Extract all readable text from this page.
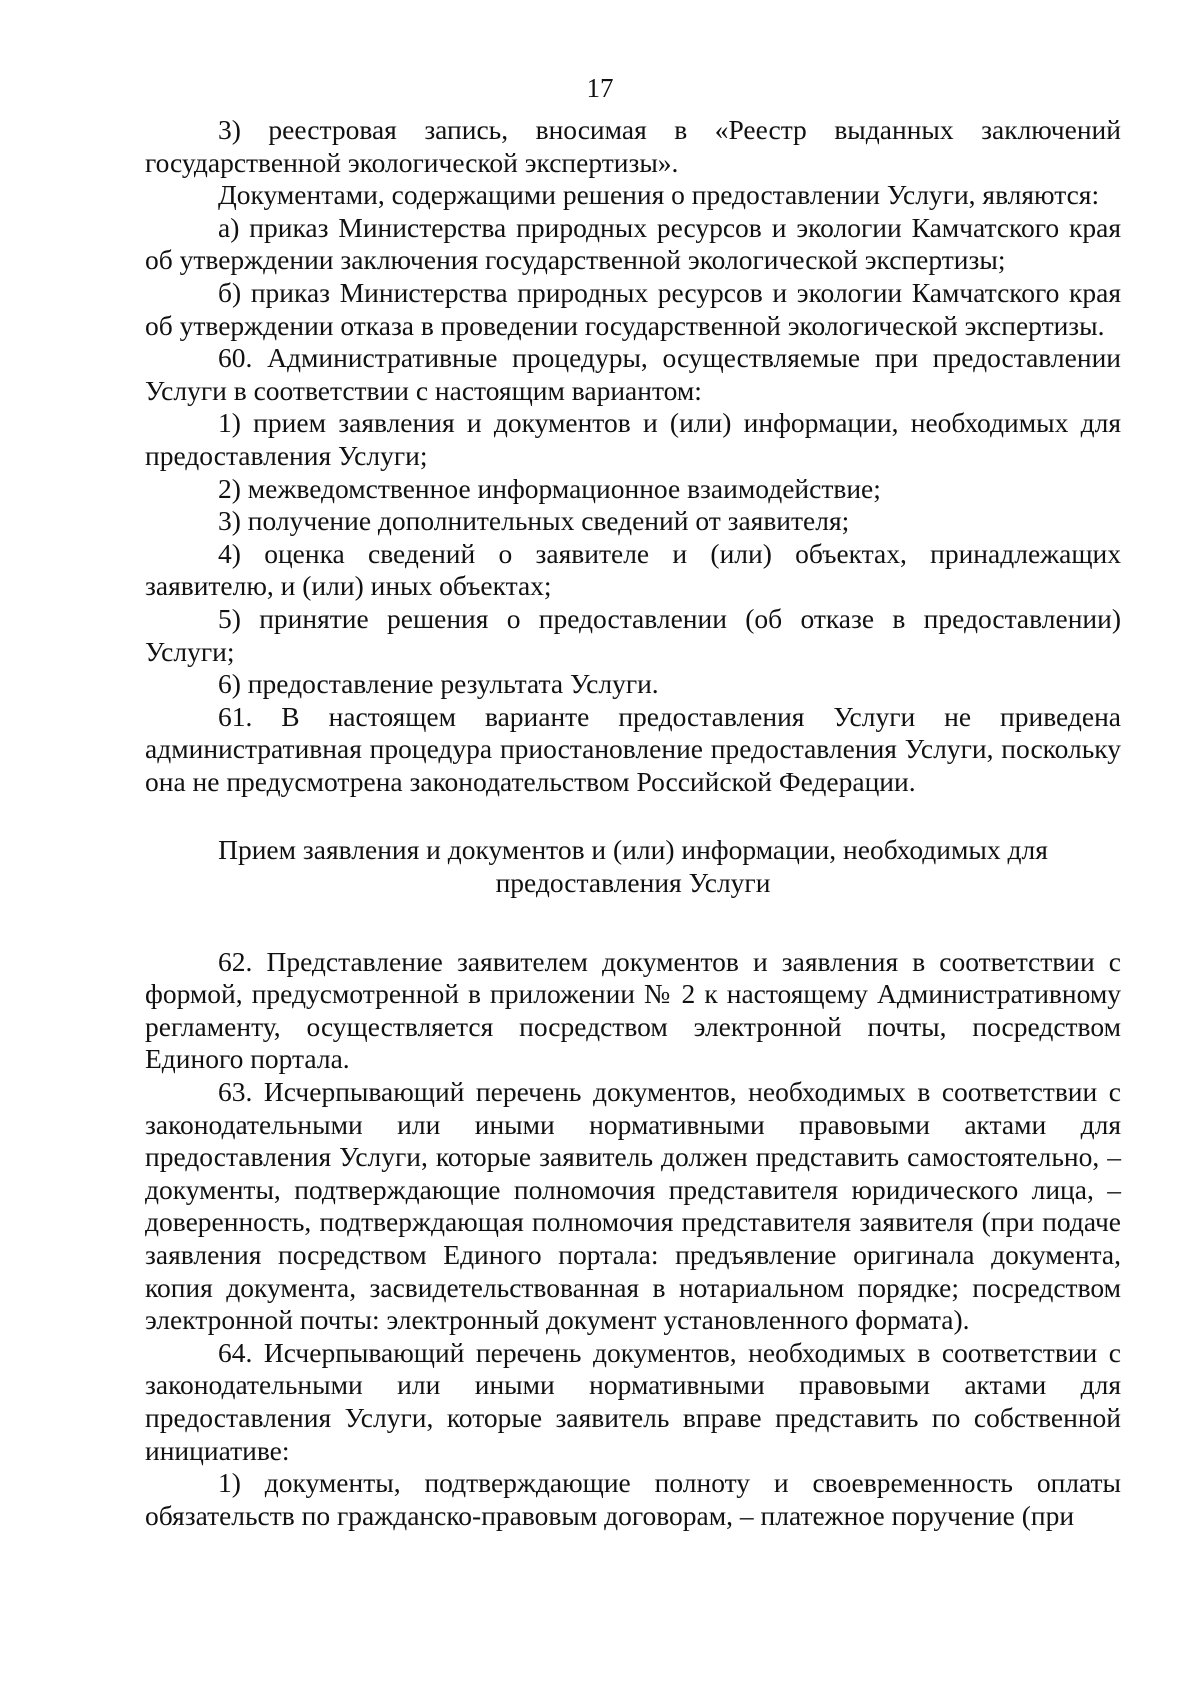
17

3) реестровая запись, вносимая в «Реестр выданных заключений государственной экологической экспертизы».

Документами, содержащими решения о предоставлении Услуги, являются:

а) приказ Министерства природных ресурсов и экологии Камчатского края об утверждении заключения государственной экологической экспертизы;

б) приказ Министерства природных ресурсов и экологии Камчатского края об утверждении отказа в проведении государственной экологической экспертизы.

60. Административные процедуры, осуществляемые при предоставлении Услуги в соответствии с настоящим вариантом:

1) прием заявления и документов и (или) информации, необходимых для предоставления Услуги;

2) межведомственное информационное взаимодействие;

3) получение дополнительных сведений от заявителя;

4) оценка сведений о заявителе и (или) объектах, принадлежащих заявителю, и (или) иных объектах;

5) принятие решения о предоставлении (об отказе в предоставлении) Услуги;

6) предоставление результата Услуги.

61. В настоящем варианте предоставления Услуги не приведена административная процедура приостановление предоставления Услуги, поскольку она не предусмотрена законодательством Российской Федерации.

Прием заявления и документов и (или) информации, необходимых для

предоставления Услуги

62. Представление заявителем документов и заявления в соответствии с формой, предусмотренной в приложении № 2 к настоящему Административному регламенту, осуществляется посредством электронной почты, посредством Единого портала.

63. Исчерпывающий перечень документов, необходимых в соответствии с законодательными или иными нормативными правовыми актами для предоставления Услуги, которые заявитель должен представить самостоятельно, – документы, подтверждающие полномочия представителя юридического лица, – доверенность, подтверждающая полномочия представителя заявителя (при подаче заявления посредством Единого портала: предъявление оригинала документа, копия документа, засвидетельствованная в нотариальном порядке; посредством электронной почты: электронный документ установленного формата).

64. Исчерпывающий перечень документов, необходимых в соответствии с законодательными или иными нормативными правовыми актами для предоставления Услуги, которые заявитель вправе представить по собственной инициативе:

1) документы, подтверждающие полноту и своевременность оплаты обязательств по гражданско-правовым договорам, – платежное поручение (при
